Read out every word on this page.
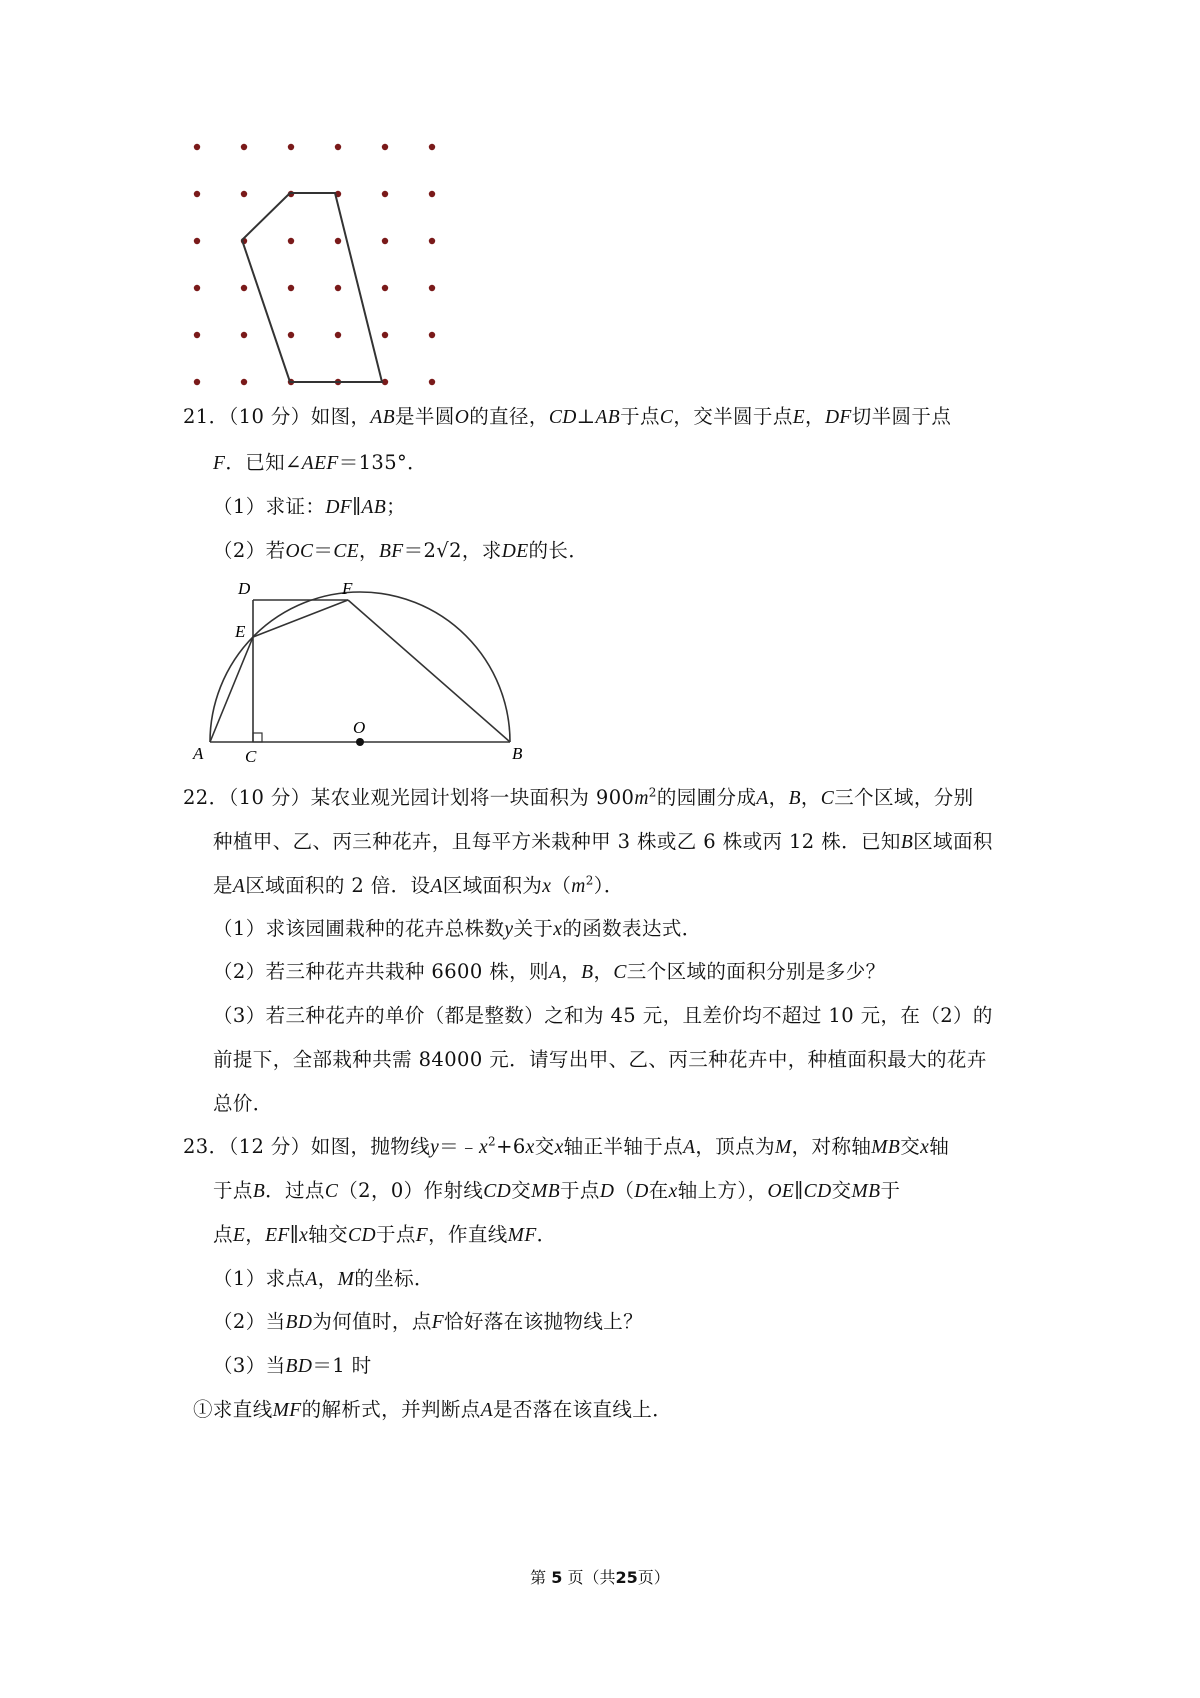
21．（10 分）如图，AB是半圆O的直径，CD⊥AB于点C，交半圆于点E，DF切半圆于点
F．已知∠AEF＝135°．
（1）求证：DF∥AB；
（2）若OC＝CE，BF＝2√2，求DE的长．
D	F
E
O
A C	B
22．（10 分）某农业观光园计划将一块面积为 $900m^2$的园圃分成A，B，C三个区域，分别
种植甲、乙、丙三种花卉，且每平方米栽种甲 3 株或乙 6 株或丙 12 株．已知B区域面积
是A区域面积的 2 倍．设A区域面积为$x(m^2)$．
（1）求该园圃栽种的花卉总株数y关于x的函数表达式．
（2）若三种花卉共栽种 6600 株，则A，B，C三个区域的面积分别是多少？
（3）若三种花卉的单价（都是整数）之和为 45 元，且差价均不超过 10 元，在（2）的
前提下，全部栽种共需 84000 元．请写出甲、乙、丙三种花卉中，种植面积最大的花卉
总价．
23．（12 分）如图，抛物线$y=﹣x^2+6x$交x轴正半轴于点A，顶点为M，对称轴MB交x轴
于点B．过点C（2，0）作射线CD交MB于点D（D在x轴上方），OE∥CD交MB于
点E，EF∥x轴交CD于点F，作直线MF．
（1）求点A，M的坐标．
（2）当BD为何值时，点F恰好落在该抛物线上？
（3）当BD＝1 时
①求直线MF的解析式，并判断点A是否落在该直线上．
第 5 页（共25页）
